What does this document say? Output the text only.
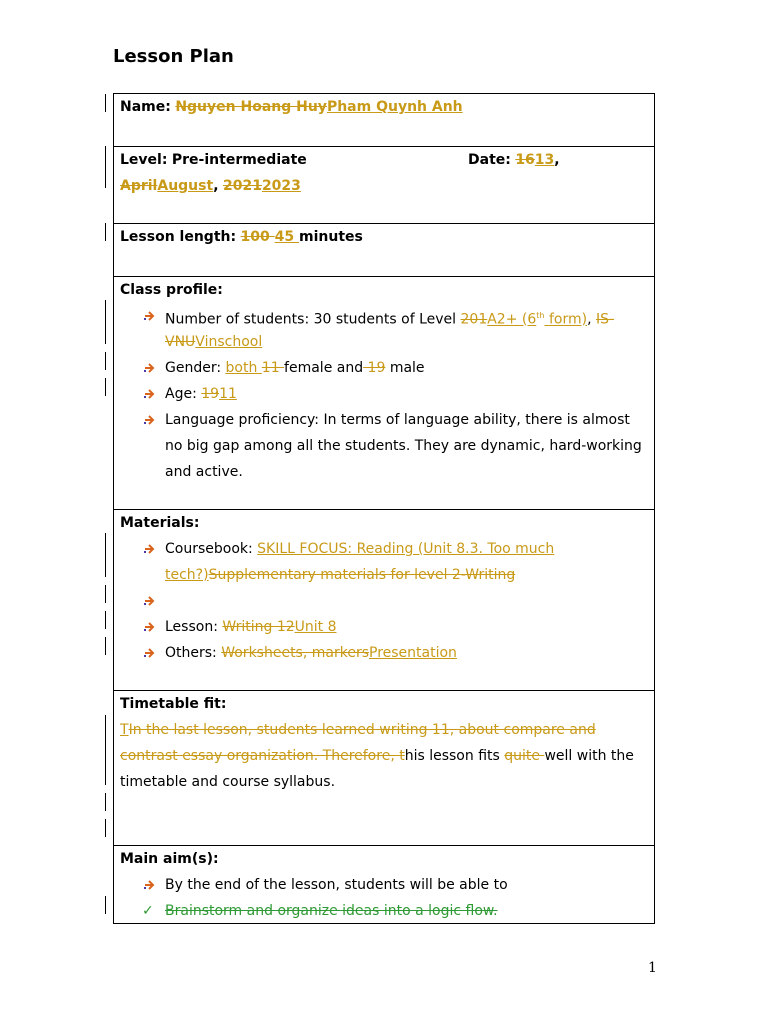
Lesson Plan
Name: Nguyen Hoang HuyPham Quynh Anh
Level: Pre-intermediate	Date: 1613,
AprilAugust, 20212023
Lesson length: 100 45 minutes
Class profile:
Number of students: 30 students of Level 201A2+ (6th form), IS-
VNUVinschool
Gender: both 11 female and 19 male
Age: 1911
Language proficiency: In terms of language ability, there is almost
no big gap among all the students. They are dynamic, hard-working
and active.
Materials:
Coursebook: SKILL FOCUS: Reading (Unit 8.3. Too much
tech?)Supplementary materials for level 2-Writing
Lesson: Writing 12Unit 8
Others: Worksheets, markersPresentation
Timetable fit:
TIn the last lesson, students learned writing 11, about compare and
contrast essay organization. Therefore, this lesson fits quite well with the
timetable and course syllabus.
Main aim(s):
By the end of the lesson, students will be able to
✓ Brainstorm and organize ideas into a logic flow.
1
